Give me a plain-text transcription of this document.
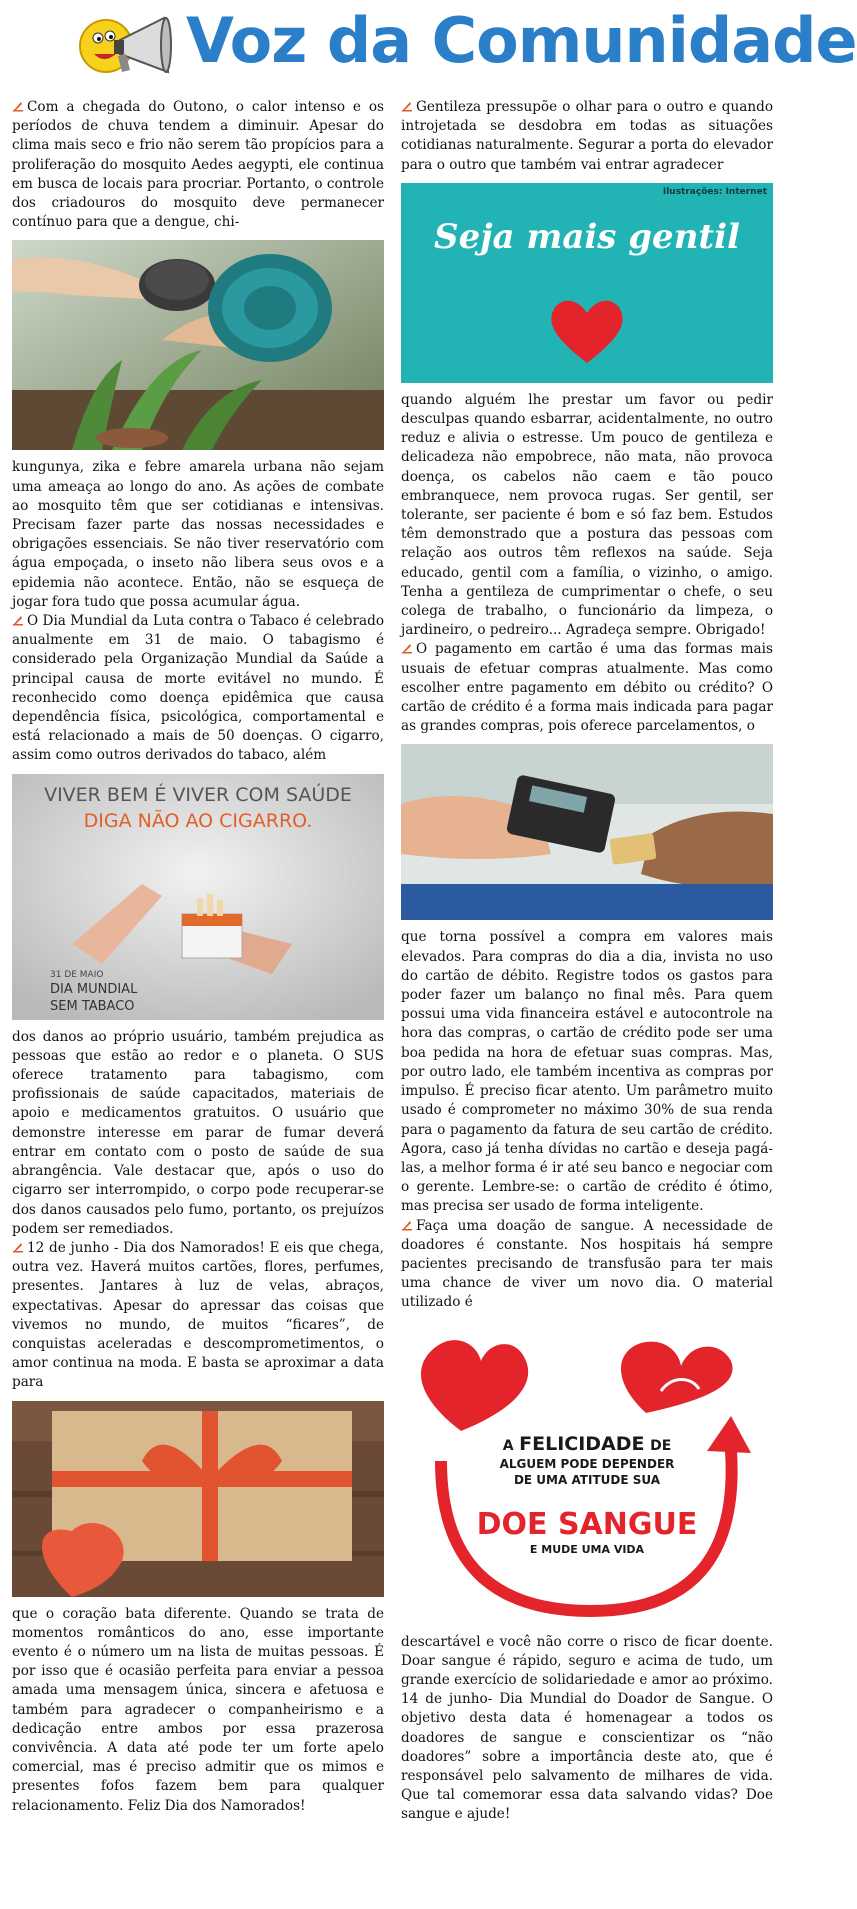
Voz da Comunidade

Com a chegada do Outono, o calor intenso e os períodos de chuva tendem a diminuir. Apesar do clima mais seco e frio não serem tão propícios para a proliferação do mosquito Aedes aegypti, ele continua em busca de locais para procriar. Portanto, o controle dos criadouros do mosquito deve permanecer contínuo para que a dengue, chi-

kungunya, zika e febre amarela urbana não sejam uma ameaça ao longo do ano. As ações de combate ao mosquito têm que ser cotidianas e intensivas. Precisam fazer parte das nossas necessidades e obrigações essenciais. Se não tiver reservatório com água empoçada, o inseto não libera seus ovos e a epidemia não acontece. Então, não se esqueça de jogar fora tudo que possa acumular água.

O Dia Mundial da Luta contra o Tabaco é celebrado anualmente em 31 de maio. O tabagismo é considerado pela Organização Mundial da Saúde a principal causa de morte evitável no mundo. É reconhecido como doença epidêmica que causa dependência física, psicológica, comportamental e está relacionado a mais de 50 doenças. O cigarro, assim como outros derivados do tabaco, além

VIVER BEM É VIVER COM SAÚDE
DIGA NÃO AO CIGARRO.
31 DE MAIO
DIA MUNDIAL
SEM TABACO

dos danos ao próprio usuário, também prejudica as pessoas que estão ao redor e o planeta. O SUS oferece tratamento para tabagismo, com profissionais de saúde capacitados, materiais de apoio e medicamentos gratuitos. O usuário que demonstre interesse em parar de fumar deverá entrar em contato com o posto de saúde de sua abrangência. Vale destacar que, após o uso do cigarro ser interrompido, o corpo pode recuperar-se dos danos causados pelo fumo, portanto, os prejuízos podem ser remediados.

12 de junho - Dia dos Namorados! E eis que chega, outra vez. Haverá muitos cartões, flores, perfumes, presentes. Jantares à luz de velas, abraços, expectativas. Apesar do apressar das coisas que vivemos no mundo, de muitos “ficares”, de conquistas aceleradas e descomprometimentos, o amor continua na moda. E basta se aproximar a data para

que o coração bata diferente. Quando se trata de momentos românticos do ano, esse importante evento é o número um na lista de muitas pessoas. É por isso que é ocasião perfeita para enviar a pessoa amada uma mensagem única, sincera e afetuosa e também para agradecer o companheirismo e a dedicação entre ambos por essa prazerosa convivência. A data até pode ter um forte apelo comercial, mas é preciso admitir que os mimos e presentes fofos fazem bem para qualquer relacionamento. Feliz Dia dos Namorados!

Gentileza pressupõe o olhar para o outro e quando introjetada se desdobra em todas as situações cotidianas naturalmente. Segurar a porta do elevador para o outro que também vai entrar agradecer

Ilustrações: Internet
Seja mais gentil

quando alguém lhe prestar um favor ou pedir desculpas quando esbarrar, acidentalmente, no outro reduz e alivia o estresse. Um pouco de gentileza e delicadeza não empobrece, não mata, não provoca doença, os cabelos não caem e tão pouco embranquece, nem provoca rugas. Ser gentil, ser tolerante, ser paciente é bom e só faz bem. Estudos têm demonstrado que a postura das pessoas com relação aos outros têm reflexos na saúde. Seja educado, gentil com a família, o vizinho, o amigo. Tenha a gentileza de cumprimentar o chefe, o seu colega de trabalho, o funcionário da limpeza, o jardineiro, o pedreiro... Agradeça sempre. Obrigado!

O pagamento em cartão é uma das formas mais usuais de efetuar compras atualmente. Mas como escolher entre pagamento em débito ou crédito? O cartão de crédito é a forma mais indicada para pagar as grandes compras, pois oferece parcelamentos, o

que torna possível a compra em valores mais elevados. Para compras do dia a dia, invista no uso do cartão de débito. Registre todos os gastos para poder fazer um balanço no final mês. Para quem possui uma vida financeira estável e autocontrole na hora das compras, o cartão de crédito pode ser uma boa pedida na hora de efetuar suas compras. Mas, por outro lado, ele também incentiva as compras por impulso. É preciso ficar atento. Um parâmetro muito usado é comprometer no máximo 30% de sua renda para o pagamento da fatura de seu cartão de crédito. Agora, caso já tenha dívidas no cartão e deseja pagá-las, a melhor forma é ir até seu banco e negociar com o gerente. Lembre-se: o cartão de crédito é ótimo, mas precisa ser usado de forma inteligente.

Faça uma doação de sangue. A necessidade de doadores é constante. Nos hospitais há sempre pacientes precisando de transfusão para ter mais uma chance de viver um novo dia. O material utilizado é

A FELICIDADE DE
ALGUEM PODE DEPENDER
DE UMA ATITUDE SUA
DOE SANGUE
E MUDE UMA VIDA

descartável e você não corre o risco de ficar doente. Doar sangue é rápido, seguro e acima de tudo, um grande exercício de solidariedade e amor ao próximo. 14 de junho- Dia Mundial do Doador de Sangue. O objetivo desta data é homenagear a todos os doadores de sangue e conscientizar os “não doadores” sobre a importância deste ato, que é responsável pelo salvamento de milhares de vida. Que tal comemorar essa data salvando vidas? Doe sangue e ajude!
